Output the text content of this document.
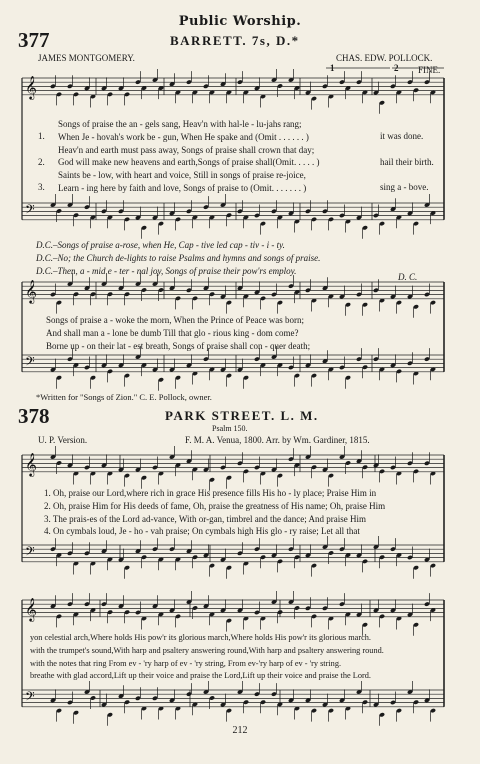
Public Worship.
377	BARRETT. 7s, D.*
JAMES MONTGOMERY.	CHAS. EDW. POLLOCK.
1	2 FINE.
1.
2.
3.
Songs of praise the an - gels sang, Heav'n with hal-le - lu-jahs rang;
When Je - hovah's work be - gun, When He spake and (Omit . . . . . . )
Heav'n and earth must pass away, Songs of praise shall crown that day;
God will make new heavens and earth,Songs of praise shall(Omit. . . . . )
Saints be - low, with heart and voice, Still in songs of praise re-joice,
Learn - ing here by faith and love, Songs of praise to (Omit. . . . . . . )
it was done.
hail their birth.
sing a - bove.
D.C.–Songs of praise a-rose, when He, Cap - tive led cap - tiv - i - ty.
D.C.–No; the Church de-lights to raise Psalms and hymns and songs of praise.
D.C.–Then, a - mid e - ter - nal joy, Songs of praise their pow'rs employ.
D. C.
Songs of praise a - woke the morn, When the Prince of Peace was born;
And shall man a - lone be dumb Till that glo - rious king - dom come?
Borne up - on their lat - est breath, Songs of praise shall con - quer death;
*Written for "Songs of Zion." C. E. Pollock, owner.
378	PARK STREET. L. M.
Psalm 150.
U. P. Version.	F. M. A. Venua, 1800. Arr. by Wm. Gardiner, 1815.
1. Oh, praise our Lord,where rich in grace His presence fills His ho - ly place; Praise Him in
2. Oh, praise Him for His deeds of fame, Oh, praise the greatness of His name; Oh, praise Him
3. The prais-es of the Lord ad-vance, With or-gan, timbrel and the dance; And praise Him
4. On cymbals loud, Je - ho - vah praise; On cymbals high His glo - ry raise; Let all that
yon celestial arch,Where holds His pow'r its glorious march,Where holds His pow'r its glorious march.
with the trumpet's sound,With harp and psaltery answering round,With harp and psaltery answering round.
with the notes that ring From ev - 'ry harp of ev - 'ry string, From ev-'ry harp of ev - 'ry string.
breathe with glad accord,Lift up their voice and praise the Lord,Lift up their voice and praise the Lord.
212
𝄞
𝄢
𝄞
𝄢
𝄞
𝄢
𝄞
𝄢
